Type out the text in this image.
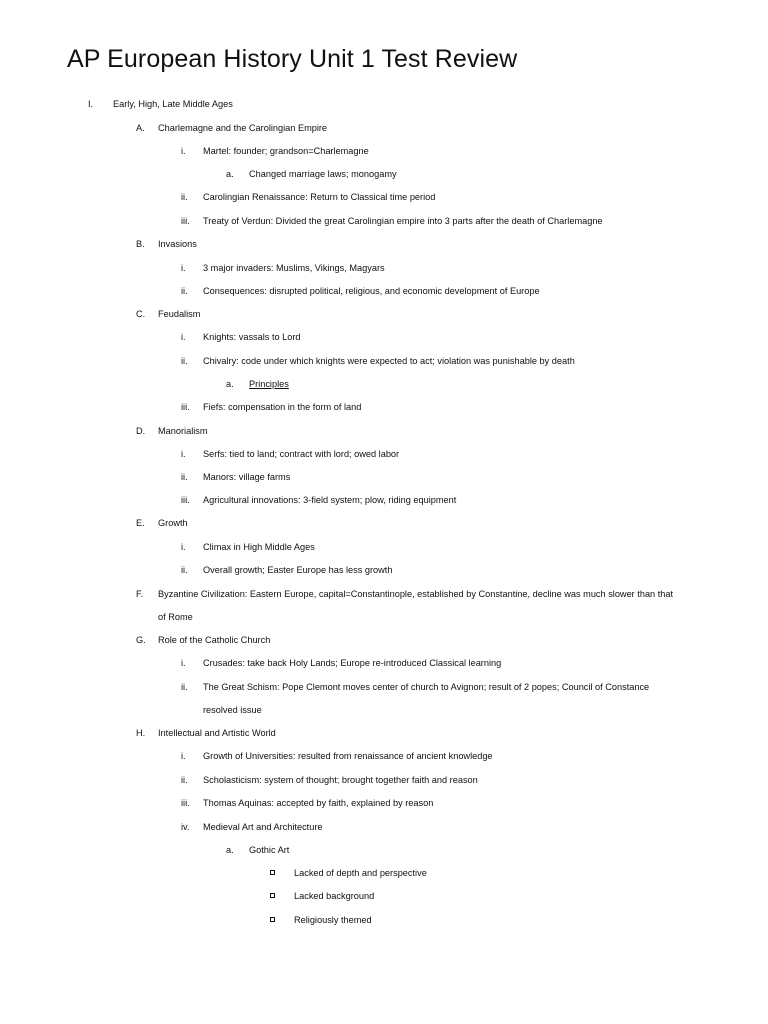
AP European History Unit 1 Test Review
I. Early, High, Late Middle Ages
A. Charlemagne and the Carolingian Empire
i. Martel: founder; grandson=Charlemagne
a. Changed marriage laws; monogamy
ii. Carolingian Renaissance: Return to Classical time period
iii. Treaty of Verdun: Divided the great Carolingian empire into 3 parts after the death of Charlemagne
B. Invasions
i. 3 major invaders: Muslims, Vikings, Magyars
ii. Consequences: disrupted political, religious, and economic development of Europe
C. Feudalism
i. Knights: vassals to Lord
ii. Chivalry: code under which knights were expected to act; violation was punishable by death
a. Principles
iii. Fiefs: compensation in the form of land
D. Manorialism
i. Serfs: tied to land; contract with lord; owed labor
ii. Manors: village farms
iii. Agricultural innovations: 3-field system; plow, riding equipment
E. Growth
i. Climax in High Middle Ages
ii. Overall growth; Easter Europe has less growth
F. Byzantine Civilization: Eastern Europe, capital=Constantinople, established by Constantine, decline was much slower than that
of Rome
G. Role of the Catholic Church
i. Crusades: take back Holy Lands; Europe re-introduced Classical learning
ii. The Great Schism: Pope Clemont moves center of church to Avignon; result of 2 popes; Council of Constance
resolved issue
H. Intellectual and Artistic World
i. Growth of Universities: resulted from renaissance of ancient knowledge
ii. Scholasticism: system of thought; brought together faith and reason
iii. Thomas Aquinas: accepted by faith, explained by reason
iv. Medieval Art and Architecture
a. Gothic Art
Lacked of depth and perspective
Lacked background
Religiously themed
